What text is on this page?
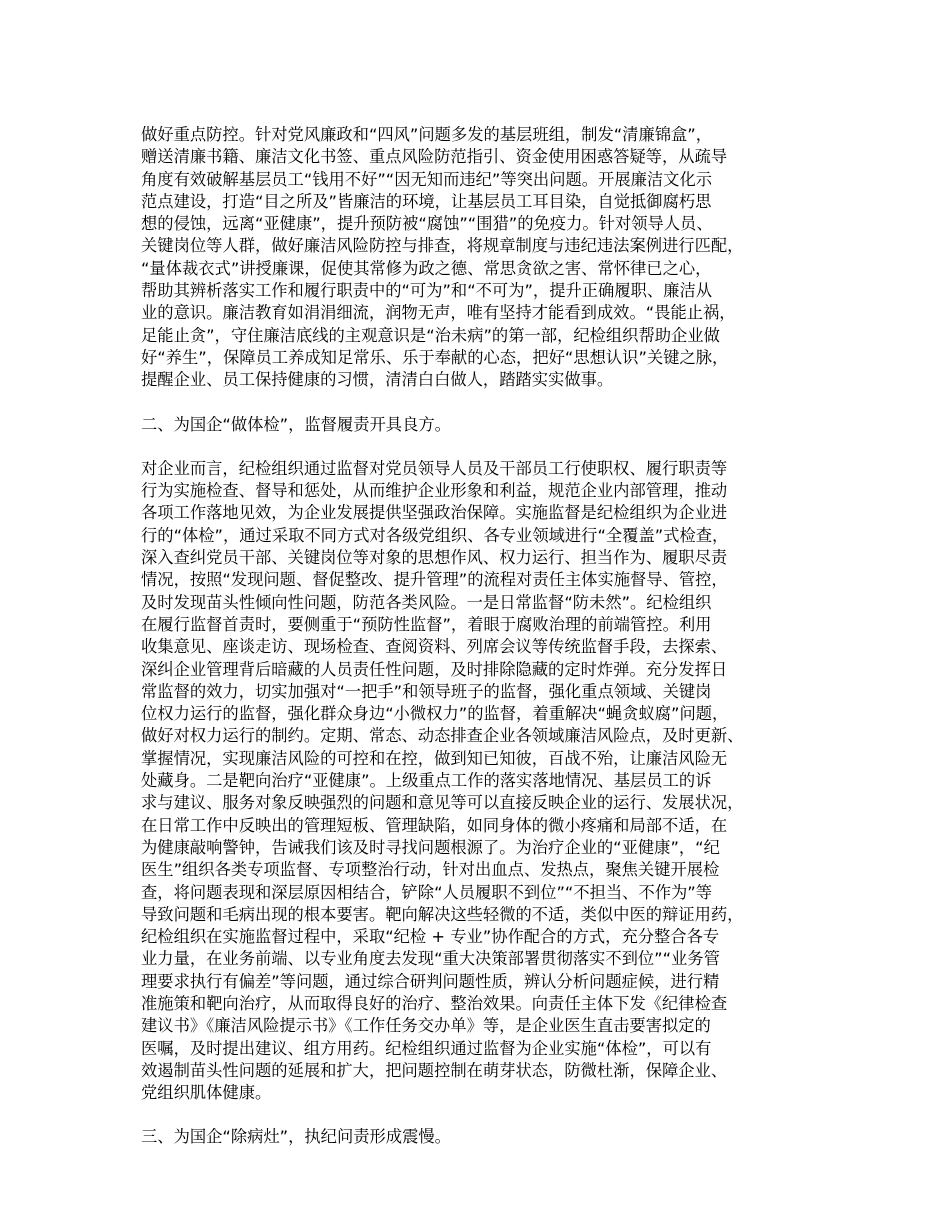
做好重点防控。针对党风廉政和“四风”问题多发的基层班组，制发“清廉锦盒”，
赠送清廉书籍、廉洁文化书签、重点风险防范指引、资金使用困惑答疑等，从疏导
角度有效破解基层员工“钱用不好”“因无知而违纪”等突出问题。开展廉洁文化示
范点建设，打造“目之所及”皆廉洁的环境，让基层员工耳目染，自觉抵御腐朽思
想的侵蚀，远离“亚健康”，提升预防被“腐蚀”“围猎”的免疫力。针对领导人员、
关键岗位等人群，做好廉洁风险防控与排查，将规章制度与违纪违法案例进行匹配，
“量体裁衣式”讲授廉课，促使其常修为政之德、常思贪欲之害、常怀律已之心，
帮助其辨析落实工作和履行职责中的“可为”和“不可为”，提升正确履职、廉洁从
业的意识。廉洁教育如涓涓细流，润物无声，唯有坚持才能看到成效。“畏能止祸，
足能止贪”，守住廉洁底线的主观意识是“治未病”的第一部，纪检组织帮助企业做
好“养生”，保障员工养成知足常乐、乐于奉献的心态，把好“思想认识”关键之脉，
提醒企业、员工保持健康的习惯，清清白白做人，踏踏实实做事。
二、为国企“做体检”，监督履责开具良方。
对企业而言，纪检组织通过监督对党员领导人员及干部员工行使职权、履行职责等
行为实施检查、督导和惩处，从而维护企业形象和利益，规范企业内部管理，推动
各项工作落地见效，为企业发展提供坚强政治保障。实施监督是纪检组织为企业进
行的“体检”，通过采取不同方式对各级党组织、各专业领域进行“全覆盖”式检查，
深入查纠党员干部、关键岗位等对象的思想作风、权力运行、担当作为、履职尽责
情况，按照“发现问题、督促整改、提升管理”的流程对责任主体实施督导、管控，
及时发现苗头性倾向性问题，防范各类风险。一是日常监督“防未然”。纪检组织
在履行监督首责时，要侧重于“预防性监督”，着眼于腐败治理的前端管控。利用
收集意见、座谈走访、现场检查、查阅资料、列席会议等传统监督手段，去探索、
深纠企业管理背后暗藏的人员责任性问题，及时排除隐藏的定时炸弹。充分发挥日
常监督的效力，切实加强对“一把手”和领导班子的监督，强化重点领域、关键岗
位权力运行的监督，强化群众身边“小微权力”的监督，着重解决“蝇贪蚁腐”问题，
做好对权力运行的制约。定期、常态、动态排查企业各领域廉洁风险点，及时更新、
掌握情况，实现廉洁风险的可控和在控，做到知已知彼，百战不殆，让廉洁风险无
处藏身。二是靶向治疗“亚健康”。上级重点工作的落实落地情况、基层员工的诉
求与建议、服务对象反映强烈的问题和意见等可以直接反映企业的运行、发展状况，
在日常工作中反映出的管理短板、管理缺陷，如同身体的微小疼痛和局部不适，在
为健康敲响警钟，告诫我们该及时寻找问题根源了。为治疗企业的“亚健康”，“纪
医生”组织各类专项监督、专项整治行动，针对出血点、发热点，聚焦关键开展检
查，将问题表现和深层原因相结合，铲除“人员履职不到位”“不担当、不作为”等
导致问题和毛病出现的根本要害。靶向解决这些轻微的不适，类似中医的辩证用药，
纪检组织在实施监督过程中，采取“纪检 + 专业”协作配合的方式，充分整合各专
业力量，在业务前端、以专业角度去发现“重大决策部署贯彻落实不到位”“业务管
理要求执行有偏差”等问题，通过综合研判问题性质，辨认分析问题症候，进行精
准施策和靶向治疗，从而取得良好的治疗、整治效果。向责任主体下发《纪律检查
建议书》《廉洁风险提示书》《工作任务交办单》等，是企业医生直击要害拟定的
医嘱，及时提出建议、组方用药。纪检组织通过监督为企业实施“体检”，可以有
效遏制苗头性问题的延展和扩大，把问题控制在萌芽状态，防微杜渐，保障企业、
党组织肌体健康。
三、为国企“除病灶”，执纪问责形成震慢。
